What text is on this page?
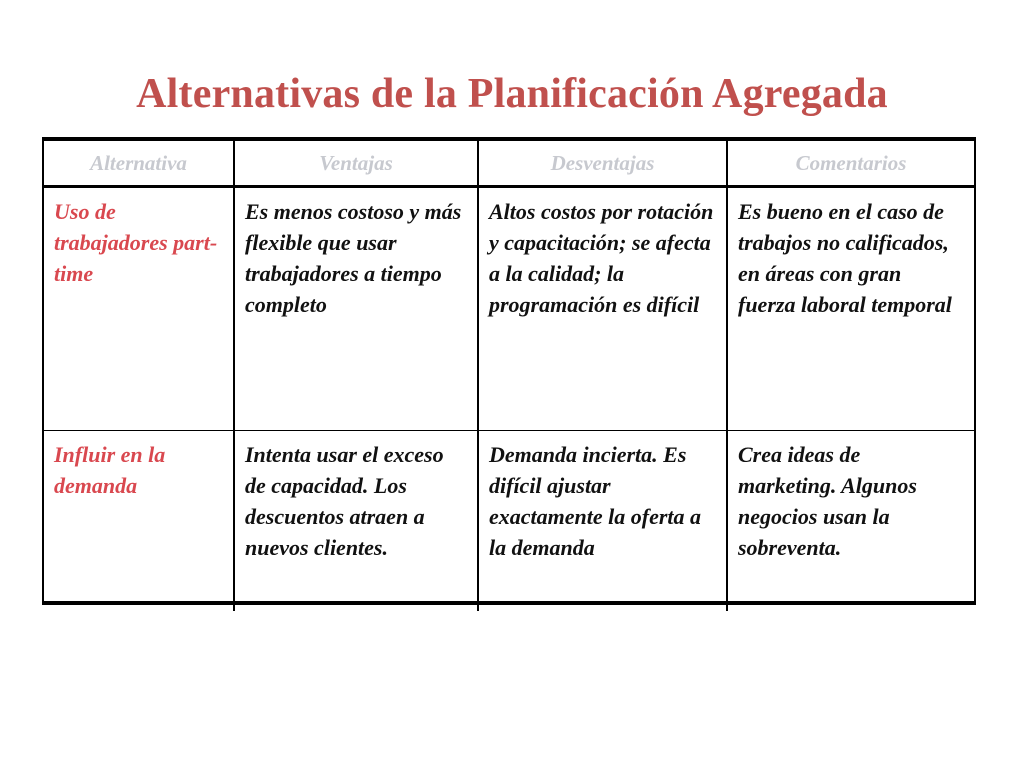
Alternativas de la Planificación Agregada
Alternativa	Ventajas	Desventajas	Comentarios
Uso de trabajadores part-time	Es menos costoso y más flexible que usar trabajadores a tiempo completo	Altos costos por rotación y capacitación; se afecta a la calidad; la programación es difícil	Es bueno en el caso de trabajos no calificados, en áreas con gran fuerza laboral temporal
Influir en la demanda	Intenta usar el exceso de capacidad. Los descuentos atraen a nuevos clientes.	Demanda incierta. Es difícil ajustar exactamente la oferta a la demanda	Crea ideas de marketing. Algunos negocios usan la sobreventa.
